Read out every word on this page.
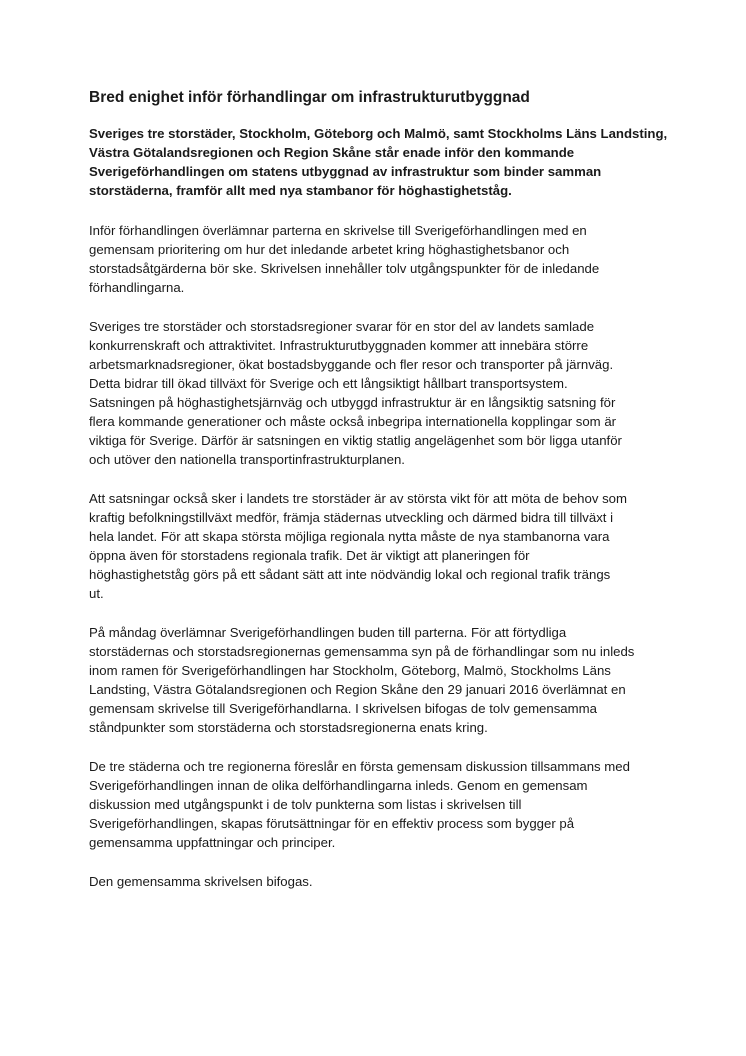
Bred enighet inför förhandlingar om infrastrukturutbyggnad

Sveriges tre storstäder, Stockholm, Göteborg och Malmö, samt Stockholms Läns Landsting,
Västra Götalandsregionen och Region Skåne står enade inför den kommande
Sverigeförhandlingen om statens utbyggnad av infrastruktur som binder samman
storstäderna, framför allt med nya stambanor för höghastighetståg.

Inför förhandlingen överlämnar parterna en skrivelse till Sverigeförhandlingen med en
gemensam prioritering om hur det inledande arbetet kring höghastighetsbanor och
storstadsåtgärderna bör ske. Skrivelsen innehåller tolv utgångspunkter för de inledande
förhandlingarna.

Sveriges tre storstäder och storstadsregioner svarar för en stor del av landets samlade
konkurrenskraft och attraktivitet. Infrastrukturutbyggnaden kommer att innebära större
arbetsmarknadsregioner, ökat bostadsbyggande och fler resor och transporter på järnväg.
Detta bidrar till ökad tillväxt för Sverige och ett långsiktigt hållbart transportsystem.
Satsningen på höghastighetsjärnväg och utbyggd infrastruktur är en långsiktig satsning för
flera kommande generationer och måste också inbegripa internationella kopplingar som är
viktiga för Sverige. Därför är satsningen en viktig statlig angelägenhet som bör ligga utanför
och utöver den nationella transportinfrastrukturplanen.

Att satsningar också sker i landets tre storstäder är av största vikt för att möta de behov som
kraftig befolkningstillväxt medför, främja städernas utveckling och därmed bidra till tillväxt i
hela landet. För att skapa största möjliga regionala nytta måste de nya stambanorna vara
öppna även för storstadens regionala trafik. Det är viktigt att planeringen för
höghastighetståg görs på ett sådant sätt att inte nödvändig lokal och regional trafik trängs
ut.

På måndag överlämnar Sverigeförhandlingen buden till parterna. För att förtydliga
storstädernas och storstadsregionernas gemensamma syn på de förhandlingar som nu inleds
inom ramen för Sverigeförhandlingen har Stockholm, Göteborg, Malmö, Stockholms Läns
Landsting, Västra Götalandsregionen och Region Skåne den 29 januari 2016 överlämnat en
gemensam skrivelse till Sverigeförhandlarna. I skrivelsen bifogas de tolv gemensamma
ståndpunkter som storstäderna och storstadsregionerna enats kring.

De tre städerna och tre regionerna föreslår en första gemensam diskussion tillsammans med
Sverigeförhandlingen innan de olika delförhandlingarna inleds. Genom en gemensam
diskussion med utgångspunkt i de tolv punkterna som listas i skrivelsen till
Sverigeförhandlingen, skapas förutsättningar för en effektiv process som bygger på
gemensamma uppfattningar och principer.

Den gemensamma skrivelsen bifogas.
